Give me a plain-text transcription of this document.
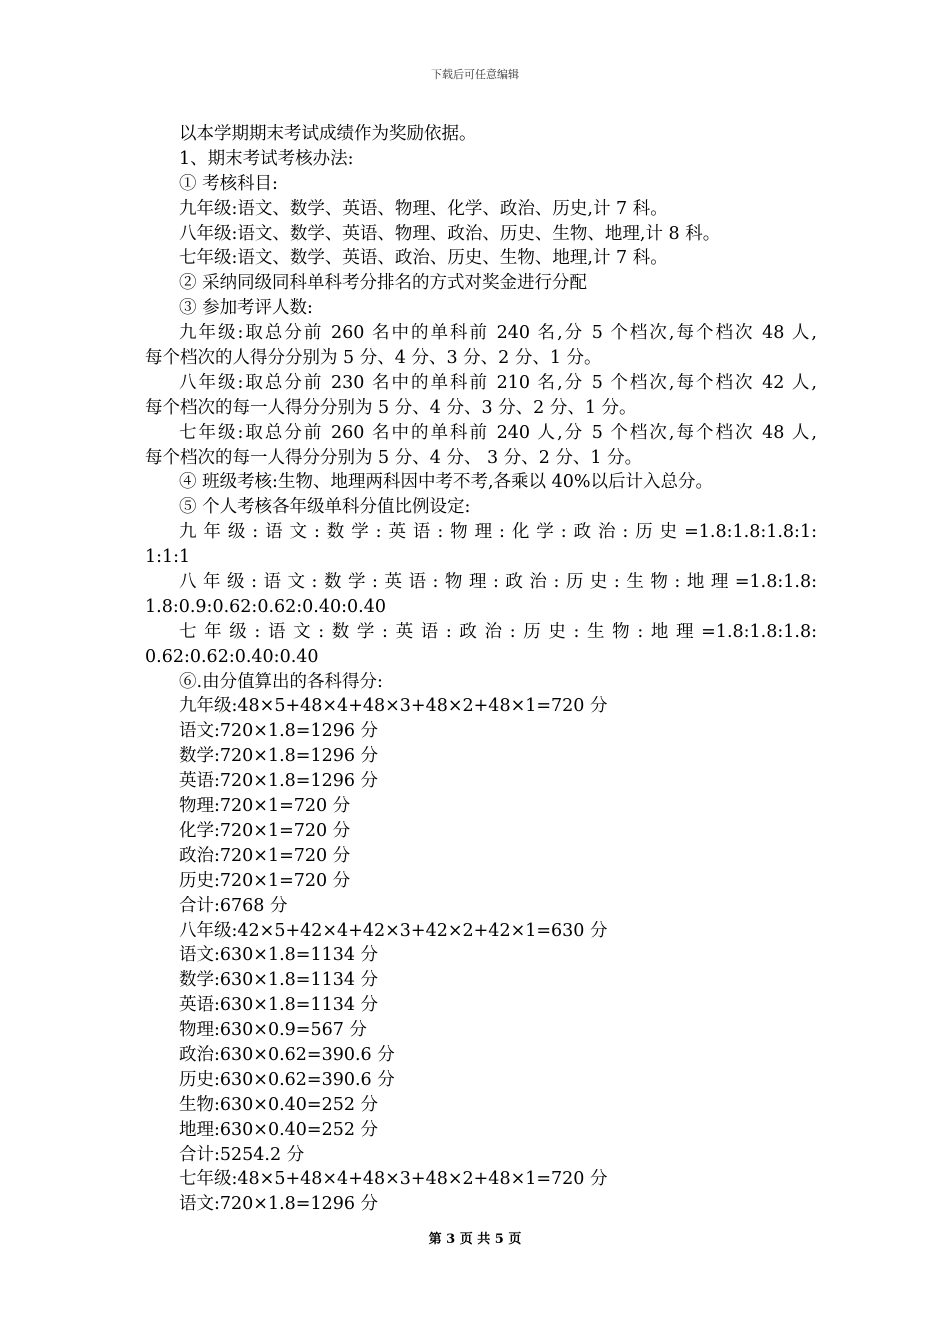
下载后可任意编辑
以本学期期末考试成绩作为奖励依据。
1、期末考试考核办法:
① 考核科目:
九年级:语文、数学、英语、物理、化学、政治、历史,计 7 科。
八年级:语文、数学、英语、物理、政治、历史、生物、地理,计 8 科。
七年级:语文、数学、英语、政治、历史、生物、地理,计 7 科。
② 采纳同级同科单科考分排名的方式对奖金进行分配
③ 参加考评人数:
九年级:取总分前 260 名中的单科前 240 名,分 5 个档次,每个档次 48 人,
每个档次的人得分分别为 5 分、4 分、3 分、2 分、1 分。
八年级:取总分前 230 名中的单科前 210 名,分 5 个档次,每个档次 42 人,
每个档次的每一人得分分别为 5 分、4 分、3 分、2 分、1 分。
七年级:取总分前 260 名中的单科前 240 人,分 5 个档次,每个档次 48 人,
每个档次的每一人得分分别为 5 分、4 分、 3 分、2 分、1 分。
④ 班级考核:生物、地理两科因中考不考,各乘以 40%以后计入总分。
⑤ 个人考核各年级单科分值比例设定:
九年级:语文:数学:英语:物理:化学:政治:历史=1.8:1.8:1.8:1:
1:1:1
八年级:语文:数学:英语:物理:政治:历史:生物:地理=1.8:1.8:
1.8:0.9:0.62:0.62:0.40:0.40
七年级:语文:数学:英语:政治:历史:生物:地理=1.8:1.8:1.8:
0.62:0.62:0.40:0.40
⑥.由分值算出的各科得分:
九年级:48×5+48×4+48×3+48×2+48×1=720 分
语文:720×1.8=1296 分
数学:720×1.8=1296 分
英语:720×1.8=1296 分
物理:720×1=720 分
化学:720×1=720 分
政治:720×1=720 分
历史:720×1=720 分
合计:6768 分
八年级:42×5+42×4+42×3+42×2+42×1=630 分
语文:630×1.8=1134 分
数学:630×1.8=1134 分
英语:630×1.8=1134 分
物理:630×0.9=567 分
政治:630×0.62=390.6 分
历史:630×0.62=390.6 分
生物:630×0.40=252 分
地理:630×0.40=252 分
合计:5254.2 分
七年级:48×5+48×4+48×3+48×2+48×1=720 分
语文:720×1.8=1296 分
第 3 页 共 5 页
